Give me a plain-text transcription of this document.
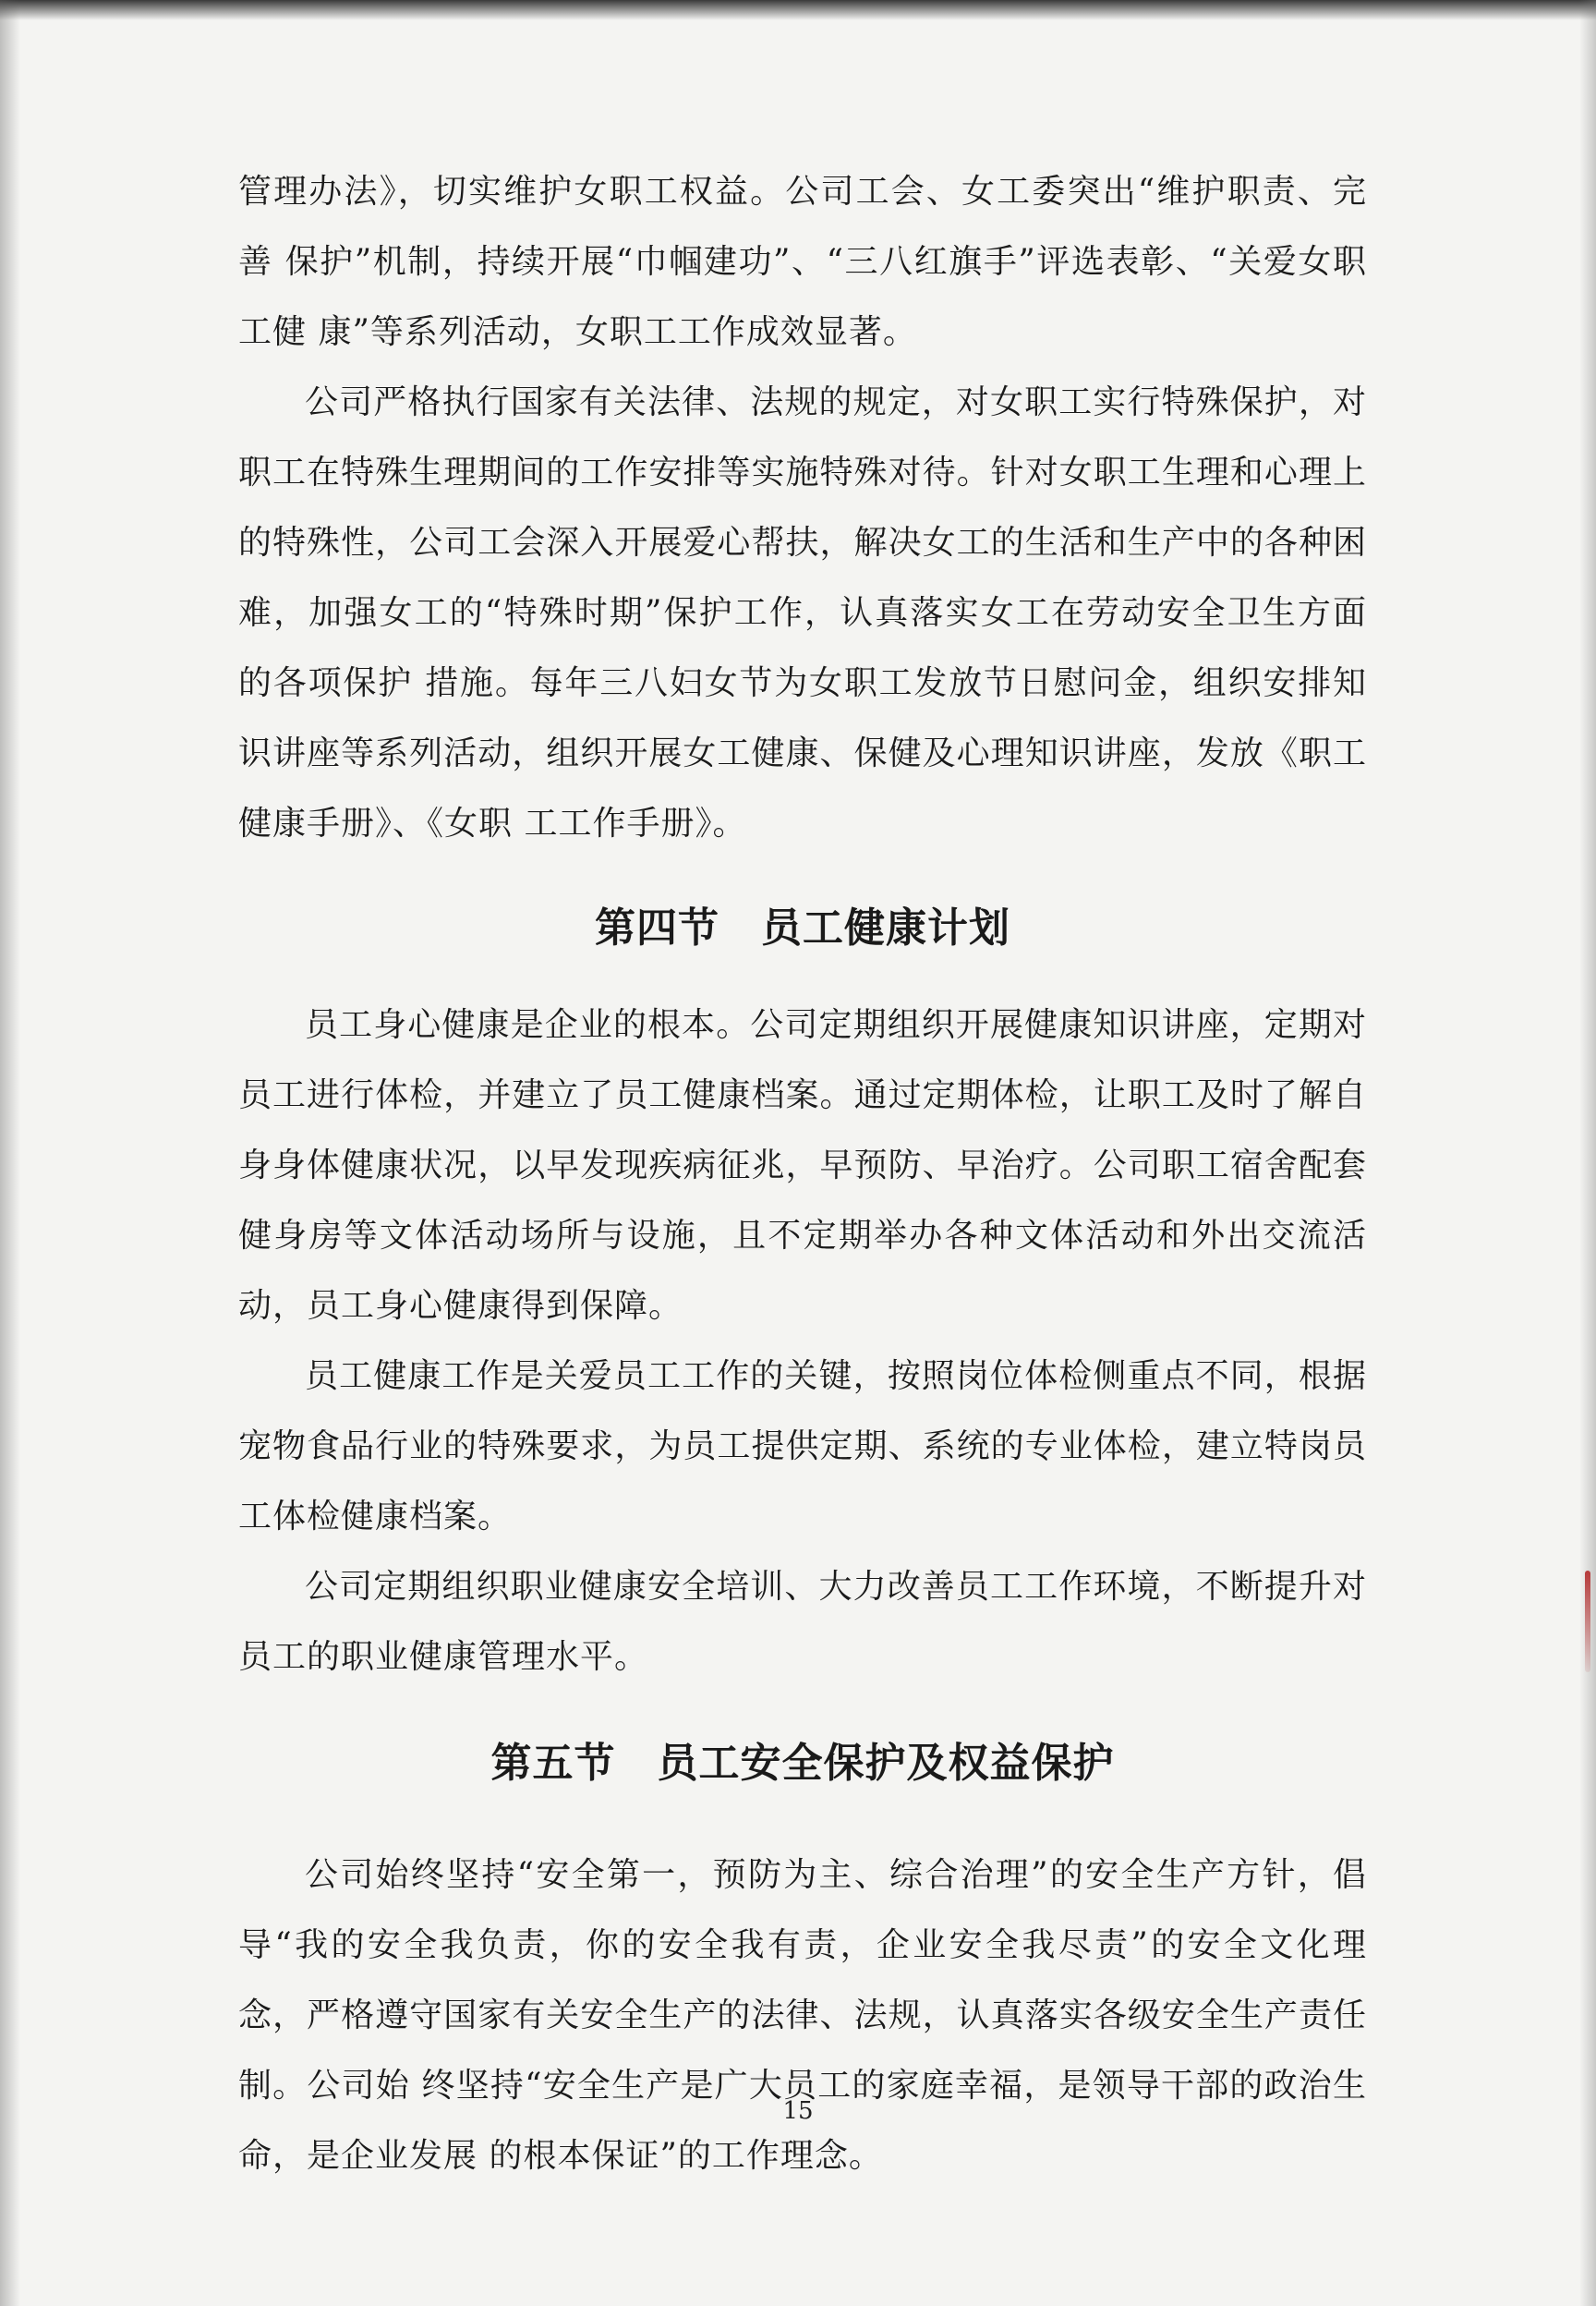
管理办法》，切实维护女职工权益。公司工会、女工委突出“维护职责、完善 保护”机制，持续开展“巾帼建功”、“三八红旗手”评选表彰、“关爱女职工健 康”等系列活动，女职工工作成效显著。

公司严格执行国家有关法律、法规的规定，对女职工实行特殊保护，对职工在特殊生理期间的工作安排等实施特殊对待。针对女职工生理和心理上的特殊性，公司工会深入开展爱心帮扶，解决女工的生活和生产中的各种困难，加强女工的“特殊时期”保护工作，认真落实女工在劳动安全卫生方面的各项保护 措施。每年三八妇女节为女职工发放节日慰问金，组织安排知识讲座等系列活动，组织开展女工健康、保健及心理知识讲座，发放《职工健康手册》、《女职 工工作手册》。

第四节　员工健康计划

员工身心健康是企业的根本。公司定期组织开展健康知识讲座，定期对员工进行体检，并建立了员工健康档案。通过定期体检，让职工及时了解自身身体健康状况，以早发现疾病征兆，早预防、早治疗。公司职工宿舍配套健身房等文体活动场所与设施，且不定期举办各种文体活动和外出交流活动，员工身心健康得到保障。

员工健康工作是关爱员工工作的关键，按照岗位体检侧重点不同，根据宠物食品行业的特殊要求，为员工提供定期、系统的专业体检，建立特岗员工体检健康档案。

公司定期组织职业健康安全培训、大力改善员工工作环境，不断提升对员工的职业健康管理水平。

第五节　员工安全保护及权益保护

公司始终坚持“安全第一，预防为主、综合治理”的安全生产方针，倡导“我的安全我负责，你的安全我有责，企业安全我尽责”的安全文化理念，严格遵守国家有关安全生产的法律、法规，认真落实各级安全生产责任制。公司始 终坚持“安全生产是广大员工的家庭幸福，是领导干部的政治生命，是企业发展 的根本保证”的工作理念。

15
